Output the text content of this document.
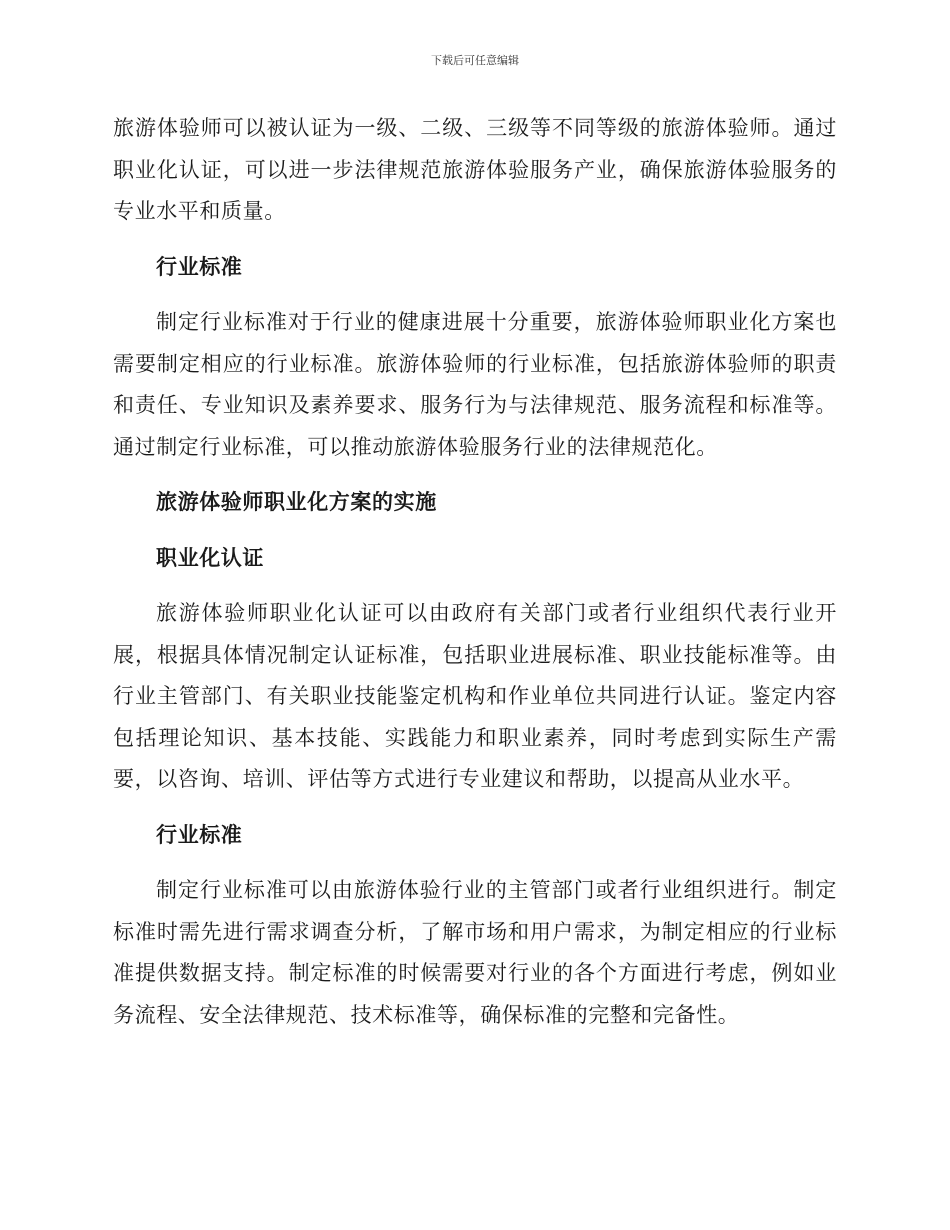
下载后可任意编辑

旅游体验师可以被认证为一级、二级、三级等不同等级的旅游体验师。通过职业化认证，可以进一步法律规范旅游体验服务产业，确保旅游体验服务的专业水平和质量。

行业标准

制定行业标准对于行业的健康进展十分重要，旅游体验师职业化方案也需要制定相应的行业标准。旅游体验师的行业标准，包括旅游体验师的职责和责任、专业知识及素养要求、服务行为与法律规范、服务流程和标准等。通过制定行业标准，可以推动旅游体验服务行业的法律规范化。

旅游体验师职业化方案的实施
职业化认证

旅游体验师职业化认证可以由政府有关部门或者行业组织代表行业开展，根据具体情况制定认证标准，包括职业进展标准、职业技能标准等。由行业主管部门、有关职业技能鉴定机构和作业单位共同进行认证。鉴定内容包括理论知识、基本技能、实践能力和职业素养，同时考虑到实际生产需要，以咨询、培训、评估等方式进行专业建议和帮助，以提高从业水平。

行业标准

制定行业标准可以由旅游体验行业的主管部门或者行业组织进行。制定标准时需先进行需求调查分析，了解市场和用户需求，为制定相应的行业标准提供数据支持。制定标准的时候需要对行业的各个方面进行考虑，例如业务流程、安全法律规范、技术标准等，确保标准的完整和完备性。
